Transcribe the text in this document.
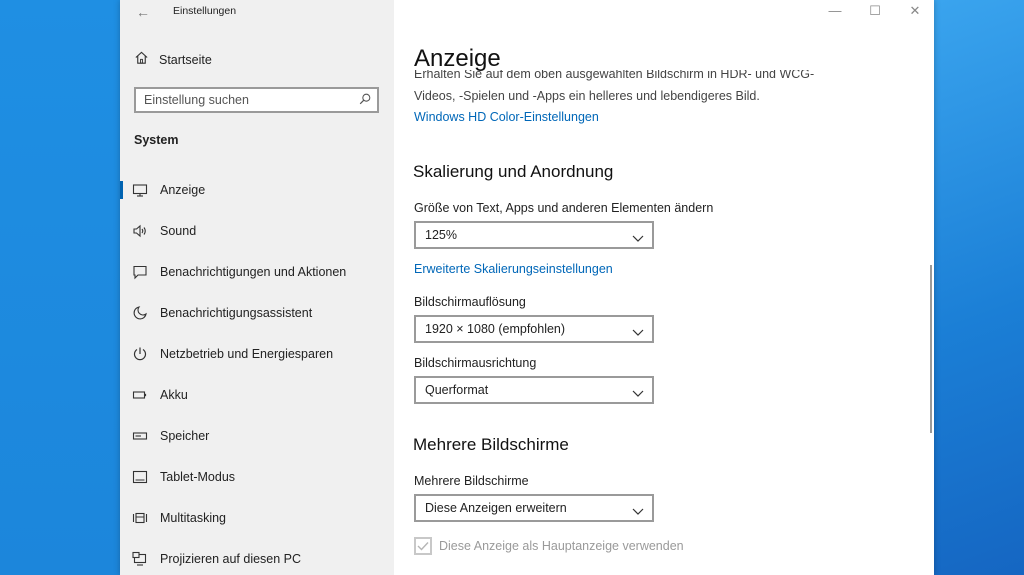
←	Einstellungen
Startseite
Einstellung suchen
System
Anzeige
Sound
Benachrichtigungen und Aktionen
Benachrichtigungsassistent
Netzbetrieb und Energiesparen
Akku
Speicher
Tablet-Modus
Multitasking
Projizieren auf diesen PC
—	☐	✕
Anzeige
Erhalten Sie auf dem oben ausgewählten Bildschirm in HDR- und WCG-
Videos, -Spielen und -Apps ein helleres und lebendigeres Bild.
Windows HD Color-Einstellungen
Skalierung und Anordnung
Größe von Text, Apps und anderen Elementen ändern
125%
Erweiterte Skalierungseinstellungen
Bildschirmauflösung
1920 × 1080 (empfohlen)
Bildschirmausrichtung
Querformat
Mehrere Bildschirme
Mehrere Bildschirme
Diese Anzeigen erweitern
Diese Anzeige als Hauptanzeige verwenden
